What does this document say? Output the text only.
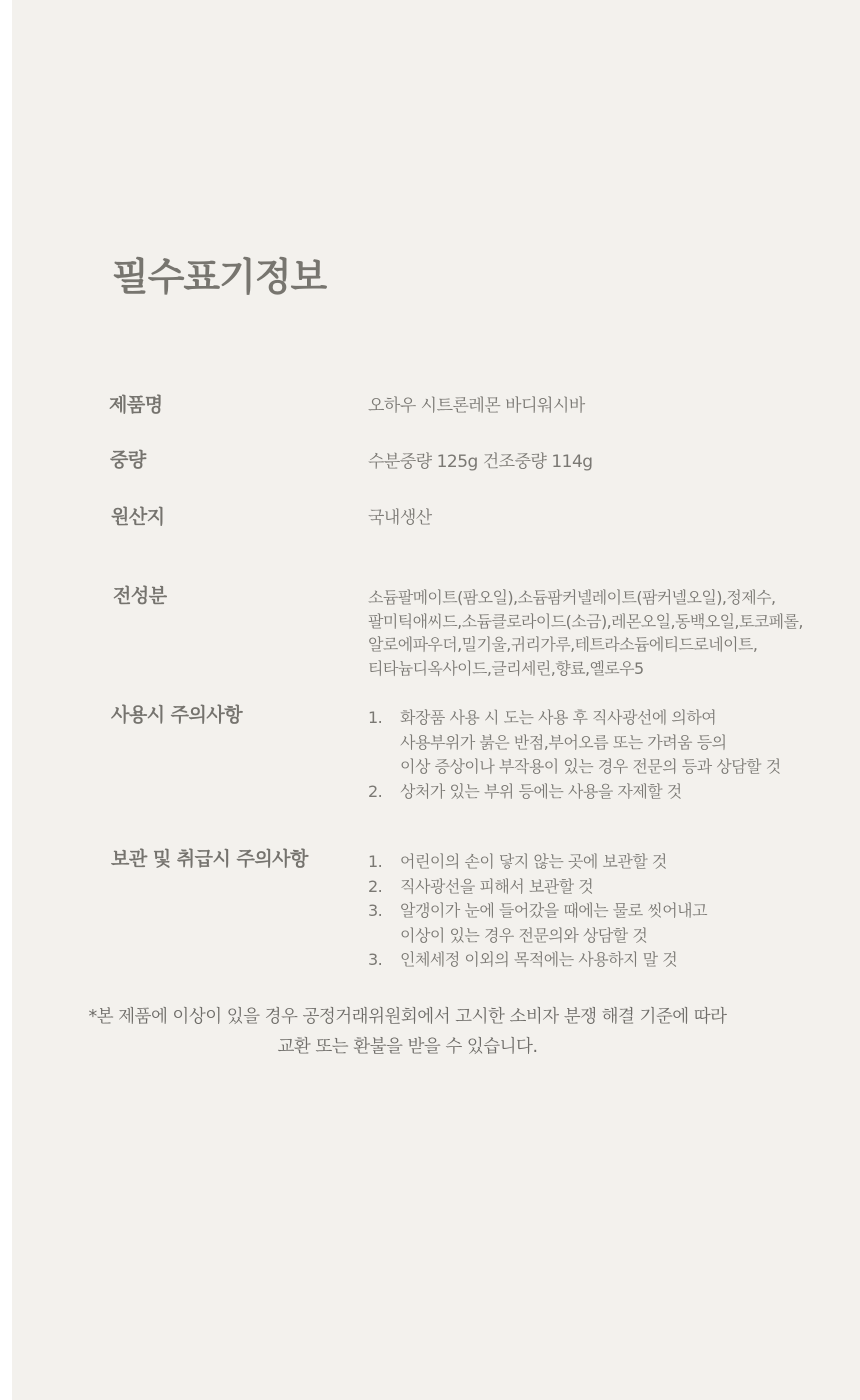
필수표기정보
제품명	오하우 시트론레몬 바디워시바
중량	수분중량 125g 건조중량 114g
원산지	국내생산
전성분	소듐팔메이트(팜오일),소듐팜커넬레이트(팜커넬오일),정제수,
팔미틱애씨드,소듐클로라이드(소금),레몬오일,동백오일,토코페롤,
알로에파우더,밀기울,귀리가루,테트라소듐에티드로네이트,
티타늄디옥사이드,글리세린,향료,옐로우5
사용시 주의사항	1. 화장품 사용 시 도는 사용 후 직사광선에 의하여
사용부위가 붉은 반점,부어오름 또는 가려움 등의
이상 증상이나 부작용이 있는 경우 전문의 등과 상담할 것
2. 상처가 있는 부위 등에는 사용을 자제할 것
보관 및 취급시 주의사항	1. 어린이의 손이 닿지 않는 곳에 보관할 것
2. 직사광선을 피해서 보관할 것
3. 알갱이가 눈에 들어갔을 때에는 물로 씻어내고
이상이 있는 경우 전문의와 상담할 것
3. 인체세정 이외의 목적에는 사용하지 말 것
*본 제품에 이상이 있을 경우 공정거래위원회에서 고시한 소비자 분쟁 해결 기준에 따라
교환 또는 환불을 받을 수 있습니다.
